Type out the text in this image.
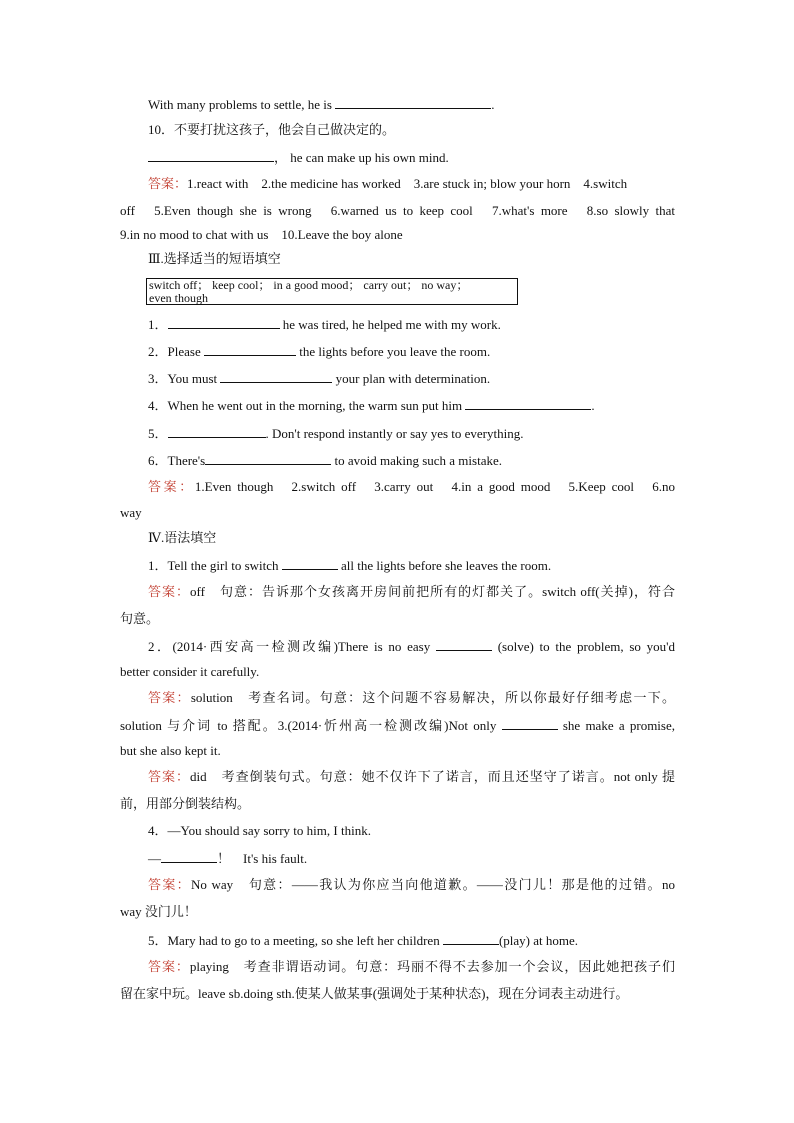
With many problems to settle, he is	.
10．不要打扰这孩子，他会自己做决定的。
， he can make up his own mind.
答案：1.react with　2.the medicine has worked　3.are stuck in; blow your horn　4.switch
off　5.Even though she is wrong　6.warned us to keep cool　7.what's more　8.so slowly that
9.in no mood to chat with us　10.Leave the boy alone
Ⅲ.选择适当的短语填空
switch off； keep cool； in a good mood； carry out； no way；
even though
1．	he was tired, he helped me with my work.
2．Please	the lights before you leave the room.
3．You must	your plan with determination.
4．When he went out in the morning, the warm sun put him	.
5．	. Don't respond instantly or say yes to everything.
6．There's	to avoid making such a mistake.
答案：1.Even though　2.switch off　3.carry out　4.in a good mood　5.Keep cool　6.no
way
Ⅳ.语法填空
1．Tell the girl to switch	all the lights before she leaves the room.
答案：off　句意：告诉那个女孩离开房间前把所有的灯都关了。switch off(关掉)，符合
句意。
2．(2014·西安高一检测改编)There is no easy	(solve) to the problem, so you'd
better consider it carefully.
答案：solution　考查名词。句意：这个问题不容易解决，所以你最好仔细考虑一下。
solution 与介词 to 搭配。3.(2014·忻州高一检测改编)Not only	she make a promise,
but she also kept it.
答案：did　考查倒装句式。句意：她不仅许下了诺言，而且还坚守了诺言。not only 提
前，用部分倒装结构。
4．—You should say sorry to him, I think.
—	！　It's his fault.
答案：No way　句意：——我认为你应当向他道歉。——没门儿！那是他的过错。no
way 没门儿！
5．Mary had to go to a meeting, so she left her children	(play) at home.
答案：playing　考查非谓语动词。句意：玛丽不得不去参加一个会议，因此她把孩子们
留在家中玩。leave sb.doing sth.使某人做某事(强调处于某种状态)，现在分词表主动进行。
